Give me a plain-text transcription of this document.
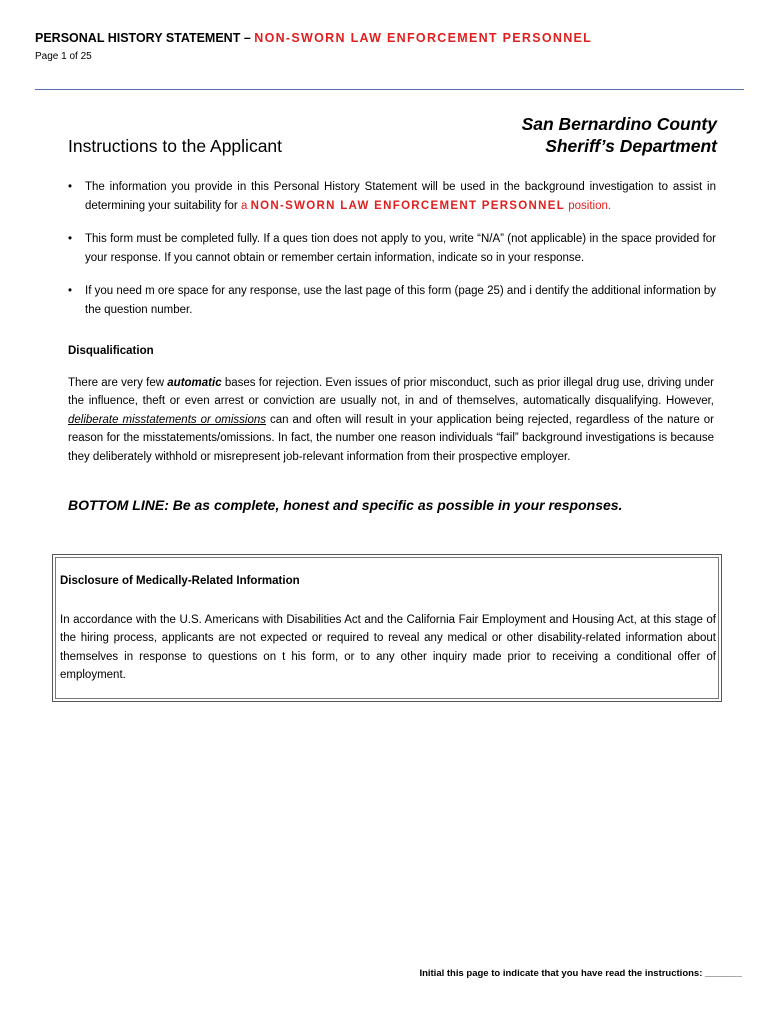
PERSONAL HISTORY STATEMENT – NON-SWORN LAW ENFORCEMENT PERSONNEL
Page 1 of 25
Instructions to the Applicant
San Bernardino County
Sheriff’s Department
• The information you provide in this Personal History Statement will be used in the background investigation to assist in determining your suitability for a NON-SWORN LAW ENFORCEMENT PERSONNEL position.
• This form must be completed fully. If a ques tion does not apply to you, write “N/A” (not applicable) in the space provided for your response. If you cannot obtain or remember certain information, indicate so in your response.
• If you need m ore space for any response, use the last page of this form (page 25) and i dentify the additional information by the question number.
Disqualification
There are very few automatic bases for rejection. Even issues of prior misconduct, such as prior illegal drug use, driving under the influence, theft or even arrest or conviction are usually not, in and of themselves, automatically disqualifying. However, deliberate misstatements or omissions can and often will result in your application being rejected, regardless of the nature or reason for the misstatements/omissions. In fact, the number one reason individuals “fail” background investigations is because they deliberately withhold or misrepresent job-relevant information from their prospective employer.
BOTTOM LINE: Be as complete, honest and specific as possible in your responses.
Disclosure of Medically-Related Information
In accordance with the U.S. Americans with Disabilities Act and the California Fair Employment and Housing Act, at this stage of the hiring process, applicants are not expected or required to reveal any medical or other disability-related information about themselves in response to questions on t his form, or to any other inquiry made prior to receiving a conditional offer of employment.
Initial this page to indicate that you have read the instructions: _______
